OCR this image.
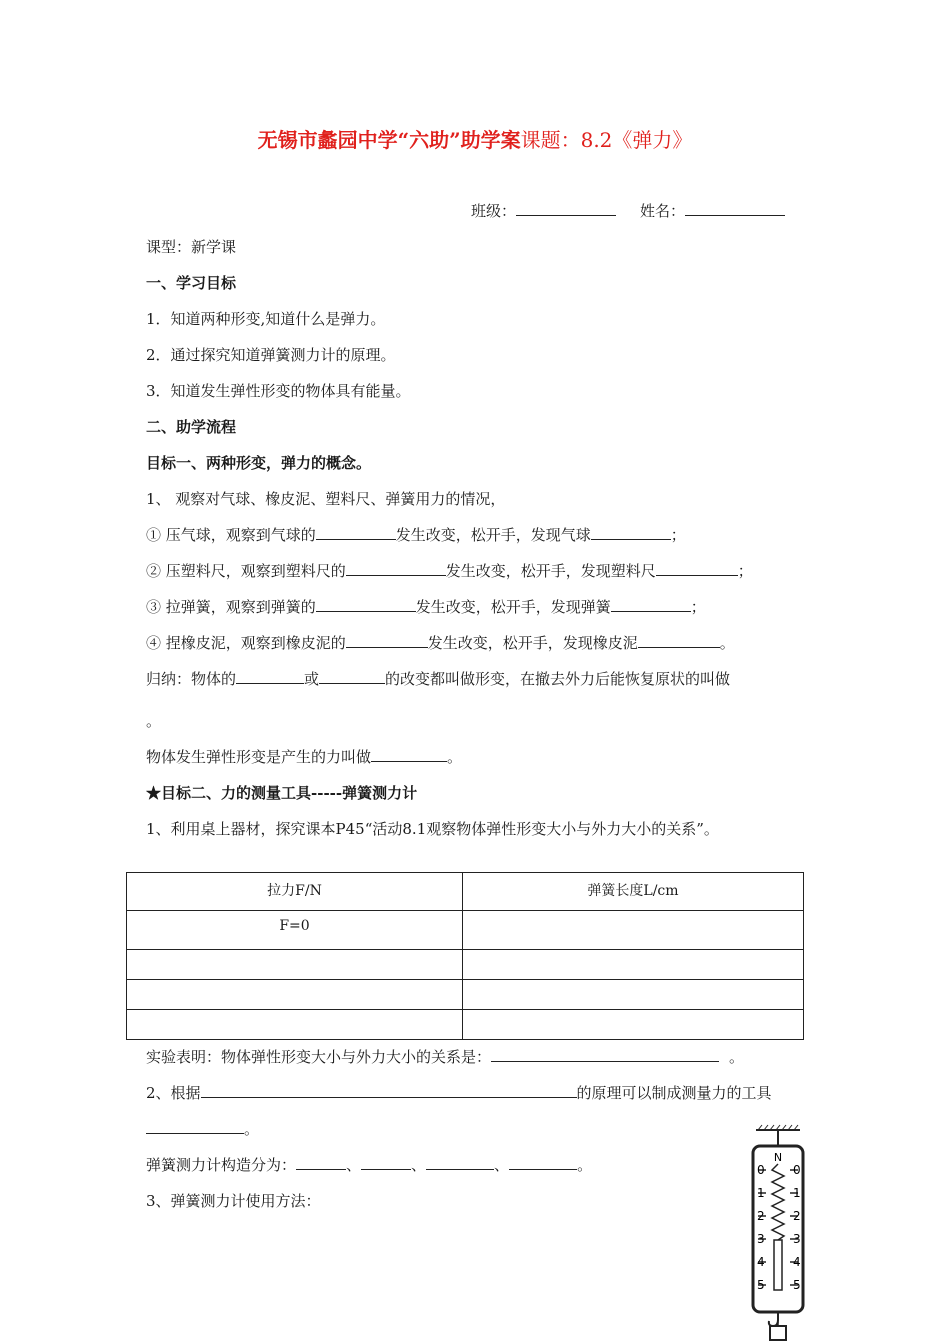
无锡市蠡园中学“六助”助学案课题：8.2《弹力》
班级：	姓名：
课型：新学课
一、学习目标
1．知道两种形变,知道什么是弹力。
2．通过探究知道弹簧测力计的原理。
3．知道发生弹性形变的物体具有能量。
二、助学流程
目标一、两种形变，弹力的概念。
1、 观察对气球、橡皮泥、塑料尺、弹簧用力的情况，
① 压气球，观察到气球的	发生改变，松开手，发现气球	；
② 压塑料尺，观察到塑料尺的	发生改变，松开手，发现塑料尺	；
③ 拉弹簧，观察到弹簧的	发生改变，松开手，发现弹簧	；
④ 捏橡皮泥，观察到橡皮泥的	发生改变，松开手，发现橡皮泥	。
归纳：物体的	或	的改变都叫做形变，在撤去外力后能恢复原状的叫做
。
物体发生弹性形变是产生的力叫做	。
★目标二、力的测量工具-----弹簧测力计
1、利用桌上器材，探究课本P45“活动8.1观察物体弹性形变大小与外力大小的关系”。
拉力F/N	弹簧长度L/cm
F=0	

实验表明：物体弹性形变大小与外力大小的关系是：	。
2、根据	的原理可以制成测量力的工具
。
弹簧测力计构造分为：	、	、	、	。
3、弹簧测力计使用方法：
N
0 0
1 1
2 2
3 3
4 4
5 5
